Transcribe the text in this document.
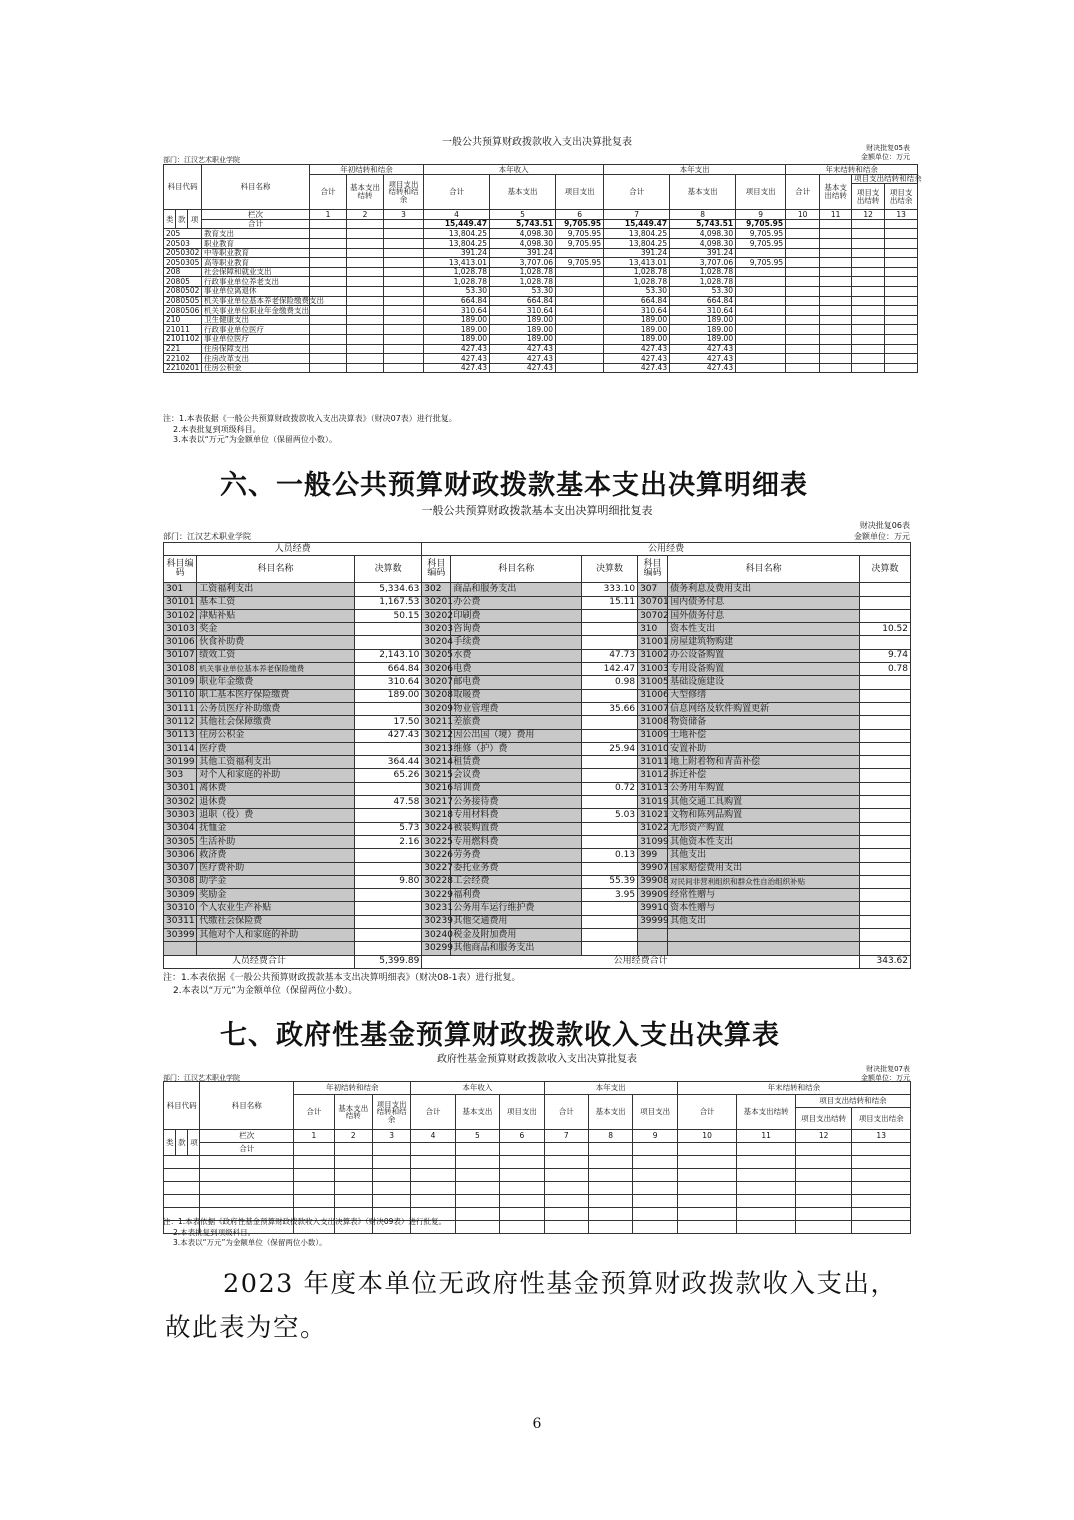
一般公共预算财政拨款收入支出决算批复表	财决批复05表
金额单位：万元
部门：江汉艺术职业学院
科目代码			科目名称	年初结转和结余			本年收入			本年支出			年末结转和结余			
				合计	基本支出结转	项目支出结转和结余	合计	基本支出	项目支出	合计	基本支出	项目支出	合计	基本支出结转	项目支出结转和结余	
															项目支出结转	项目支出结余
类	款	项	栏次	1	2	3	4	5	6	7	8	9	10	11	12	13
			合计				15,449.47	5,743.51	9,705.95	15,449.47	5,743.51	9,705.95				
205			教育支出				13,804.25	4,098.30	9,705.95	13,804.25	4,098.30	9,705.95				
20503			职业教育				13,804.25	4,098.30	9,705.95	13,804.25	4,098.30	9,705.95				
2050302			中等职业教育				391.24	391.24		391.24	391.24					
2050305			高等职业教育				13,413.01	3,707.06	9,705.95	13,413.01	3,707.06	9,705.95				
208			社会保障和就业支出				1,028.78	1,028.78		1,028.78	1,028.78					
20805			行政事业单位养老支出				1,028.78	1,028.78		1,028.78	1,028.78					
2080502			事业单位离退休				53.30	53.30		53.30	53.30					
2080505			机关事业单位基本养老保险缴费支出				664.84	664.84		664.84	664.84					
2080506			机关事业单位职业年金缴费支出				310.64	310.64		310.64	310.64					
210			卫生健康支出				189.00	189.00		189.00	189.00					
21011			行政事业单位医疗				189.00	189.00		189.00	189.00					
2101102			事业单位医疗				189.00	189.00		189.00	189.00					
221			住房保障支出				427.43	427.43		427.43	427.43					
22102			住房改革支出				427.43	427.43		427.43	427.43					
2210201			住房公积金				427.43	427.43		427.43	427.43					
注：1.本表依据《一般公共预算财政拨款收入支出决算表》（财决07表）进行批复。
2.本表批复到项级科目。
3.本表以“万元”为金额单位（保留两位小数）。
六、一般公共预算财政拨款基本支出决算明细表
一般公共预算财政拨款基本支出决算明细批复表
财决批复06表
金额单位：万元
部门：江汉艺术职业学院
人员经费			公用经费					
科目编码	科目名称	决算数	科目编码	科目名称	决算数	科目编码	科目名称	决算数
301	工资福利支出	5,334.63	302	商品和服务支出	333.10	307	债务利息及费用支出	
30101	基本工资	1,167.53	30201	办公费	15.11	30701	国内债务付息	
30102	津贴补贴	50.15	30202	印刷费		30702	国外债务付息	
30103	奖金		30203	咨询费		310	资本性支出	10.52
30106	伙食补助费		30204	手续费		31001	房屋建筑物购建	
30107	绩效工资	2,143.10	30205	水费	47.73	31002	办公设备购置	9.74
30108	机关事业单位基本养老保险缴费	664.84	30206	电费	142.47	31003	专用设备购置	0.78
30109	职业年金缴费	310.64	30207	邮电费	0.98	31005	基础设施建设	
30110	职工基本医疗保险缴费	189.00	30208	取暖费		31006	大型修缮	
30111	公务员医疗补助缴费		30209	物业管理费	35.66	31007	信息网络及软件购置更新	
30112	其他社会保障缴费	17.50	30211	差旅费		31008	物资储备	
30113	住房公积金	427.43	30212	因公出国（境）费用		31009	土地补偿	
30114	医疗费		30213	维修（护）费	25.94	31010	安置补助	
30199	其他工资福利支出	364.44	30214	租赁费		31011	地上附着物和青苗补偿	
303	对个人和家庭的补助	65.26	30215	会议费		31012	拆迁补偿	
30301	离休费		30216	培训费	0.72	31013	公务用车购置	
30302	退休费	47.58	30217	公务接待费		31019	其他交通工具购置	
30303	退职（役）费		30218	专用材料费	5.03	31021	文物和陈列品购置	
30304	抚恤金	5.73	30224	被装购置费		31022	无形资产购置	
30305	生活补助	2.16	30225	专用燃料费		31099	其他资本性支出	
30306	救济费		30226	劳务费	0.13	399	其他支出	
30307	医疗费补助		30227	委托业务费		39907	国家赔偿费用支出	
30308	助学金	9.80	30228	工会经费	55.39	39908	对民间非营利组织和群众性自治组织补贴	
30309	奖励金		30229	福利费	3.95	39909	经常性赠与	
30310	个人农业生产补贴		30231	公务用车运行维护费		39910	资本性赠与	
30311	代缴社会保险费		30239	其他交通费用		39999	其他支出	
30399	其他对个人和家庭的补助		30240	税金及附加费用				
			30299	其他商品和服务支出				
人员经费合计		5,399.89	公用经费合计					343.62
注：1.本表依据《一般公共预算财政拨款基本支出决算明细表》（财决08-1表）进行批复。
2.本表以“万元”为金额单位（保留两位小数）。
七、政府性基金预算财政拨款收入支出决算表
政府性基金预算财政拨款收入支出决算批复表
财决批复07表
金额单位：万元
部门：江汉艺术职业学院
科目代码			科目名称	年初结转和结余			本年收入			本年支出			年末结转和结余			
				合计	基本支出结转	项目支出结转和结余	合计	基本支出	项目支出	合计	基本支出	项目支出	合计	基本支出结转	项目支出结转和结余	
															项目支出结转	项目支出结余
类	款	项	栏次	1	2	3	4	5	6	7	8	9	10	11	12	13
			合计													

注：1.本表依据《政府性基金预算财政拨款收入支出决算表》（财决09表）进行批复。
2.本表批复到项级科目。
3.本表以“万元”为金额单位（保留两位小数）。
2023 年度本单位无政府性基金预算财政拨款收入支出，
故此表为空。
6
